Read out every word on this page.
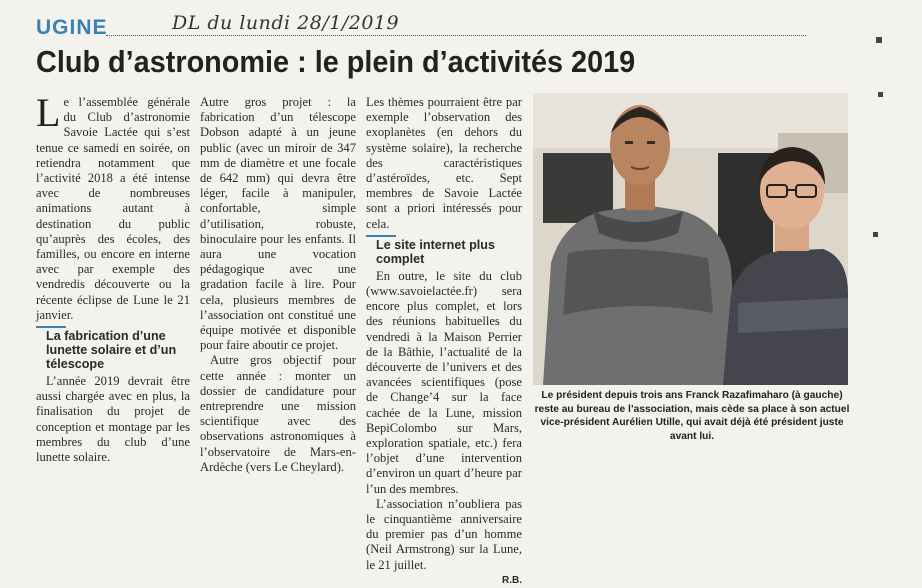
UGINE	DL du lundi 28/1/2019
Club d’astronomie : le plein d’activités 2019

Le l’assemblée générale du Club d’astronomie Savoie Lactée qui s’est tenue ce samedi en soirée, on retiendra notamment que l’activité 2018 a été intense avec de nombreuses animations autant à destination du public qu’auprès des écoles, des familles, ou encore en interne avec par exemple des vendredis découverte ou la récente éclipse de Lune le 21 janvier.

La fabrication d’une lunette solaire et d’un télescope

L’année 2019 devrait être aussi chargée avec en plus, la finalisation du projet de conception et montage par les membres du club d’une lunette solaire.

Autre gros projet : la fabrication d’un télescope Dobson adapté à un jeune public (avec un miroir de 347 mm de diamètre et une focale de 642 mm) qui devra être léger, facile à manipuler, confortable, simple d’utilisation, robuste, binoculaire pour les enfants. Il aura une vocation pédagogique avec une gradation facile à lire. Pour cela, plusieurs membres de l’association ont constitué une équipe motivée et disponible pour faire aboutir ce projet.

Autre gros objectif pour cette année : monter un dossier de candidature pour entreprendre une mission scientifique avec des observations astronomiques à l’observatoire de Mars-en-Ardèche (vers Le Cheylard).

Les thèmes pourraient être par exemple l’observation des exoplanètes (en dehors du système solaire), la recherche des caractéristiques d’astéroïdes, etc. Sept membres de Savoie Lactée sont a priori intéressés pour cela.

Le site internet plus complet

En outre, le site du club (www.savoielactée.fr) sera encore plus complet, et lors des réunions habituelles du vendredi à la Maison Perrier de la Bâthie, l’actualité de la découverte de l’univers et des avancées scientifiques (pose de Change’4 sur la face cachée de la Lune, mission BepiColombo sur Mars, exploration spatiale, etc.) fera l’objet d’une intervention d’environ un quart d’heure par l’un des membres.

L’association n’oubliera pas le cinquantième anniversaire du premier pas d’un homme (Neil Armstrong) sur la Lune, le 21 juillet.

R.B.
Le président depuis trois ans Franck Razafimaharo (à gauche) reste au bureau de l’association, mais cède sa place à son actuel vice-président Aurélien Utille, qui avait déjà été président juste avant lui.
